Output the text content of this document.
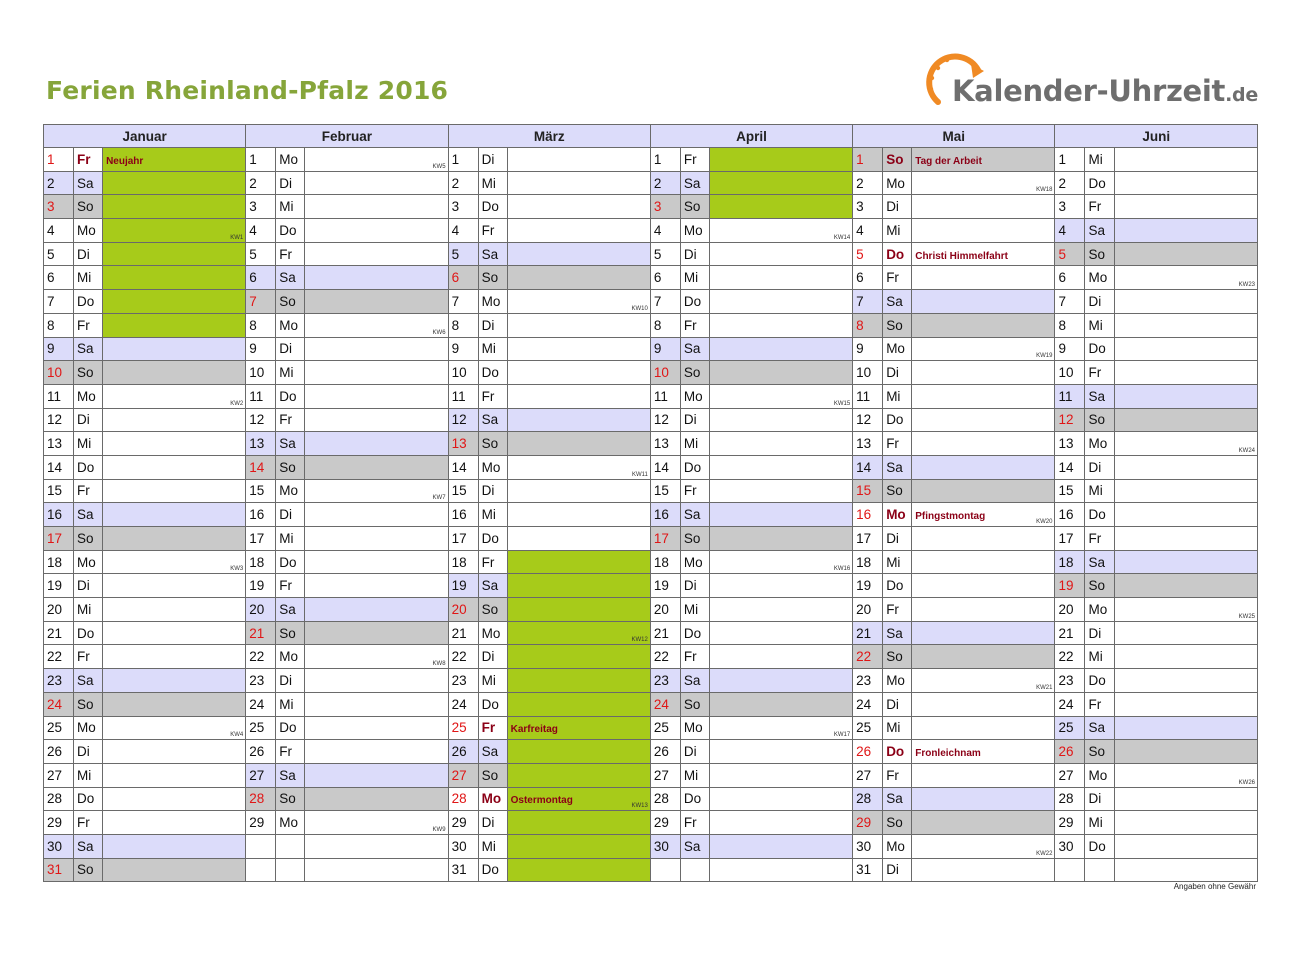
Ferien Rheinland-Pfalz 2016	Kalender-Uhrzeit.de
Januar			Februar			März			April			Mai			Juni		
1	Fr	Neujahr	1	Mo	KW5	1	Di		1	Fr		1	So	Tag der Arbeit	1	Mi	
2	Sa		2	Di		2	Mi		2	Sa		2	Mo	KW18	2	Do	
3	So		3	Mi		3	Do		3	So		3	Di		3	Fr	
4	Mo	KW1	4	Do		4	Fr		4	Mo	KW14	4	Mi		4	Sa	
5	Di		5	Fr		5	Sa		5	Di		5	Do	Christi Himmelfahrt	5	So	
6	Mi		6	Sa		6	So		6	Mi		6	Fr		6	Mo	KW23

7	Do		7	So		7	Mo	KW10	7	Do		7	Sa		7	Di	
8	Fr		8	Mo	KW6	8	Di		8	Fr		8	So		8	Mi	
9	Sa		9	Di		9	Mi		9	Sa		9	Mo	KW19	9	Do	
10	So		10	Mi		10	Do		10	So		10	Di		10	Fr	
11	Mo	KW2	11	Do		11	Fr		11	Mo	KW15	11	Mi		11	Sa	
12	Di		12	Fr		12	Sa		12	Di		12	Do		12	So	
13	Mi		13	Sa		13	So		13	Mi		13	Fr		13	Mo	KW24

14	Do		14	So		14	Mo	KW11	14	Do		14	Sa		14	Di	
15	Fr		15	Mo	KW7	15	Di		15	Fr		15	So		15	Mi	
16	Sa		16	Di		16	Mi		16	Sa		16	Mo	Pfingstmontag KW20	16	Do	
17	So		17	Mi		17	Do		17	So		17	Di		17	Fr	
18	Mo	KW3	18	Do		18	Fr		18	Mo	KW16	18	Mi		18	Sa	
19	Di		19	Fr		19	Sa		19	Di		19	Do		19	So	
20	Mi		20	Sa		20	So		20	Mi		20	Fr		20	Mo	KW25

21	Do		21	So		21	Mo	KW12	21	Do		21	Sa		21	Di	
22	Fr		22	Mo	KW8	22	Di		22	Fr		22	So		22	Mi	
23	Sa		23	Di		23	Mi		23	Sa		23	Mo	KW21	23	Do	
24	So		24	Mi		24	Do		24	So		24	Di		24	Fr	
25	Mo	KW4	25	Do		25	Fr	Karfreitag	25	Mo	KW17	25	Mi		25	Sa	
26	Di		26	Fr		26	Sa		26	Di		26	Do	Fronleichnam	26	So	
27	Mi		27	Sa		27	So		27	Mi		27	Fr		27	Mo	KW26

28	Do		28	So		28	Mo	Ostermontag KW13	28	Do		28	Sa		28	Di	
29	Fr		29	Mo	KW9	29	Di		29	Fr		29	So		29	Mi	
30	Sa					30	Mi		30	Sa		30	Mo	KW22	30	Do	
31	So					31	Do					31	Di				
Angaben ohne Gewähr
